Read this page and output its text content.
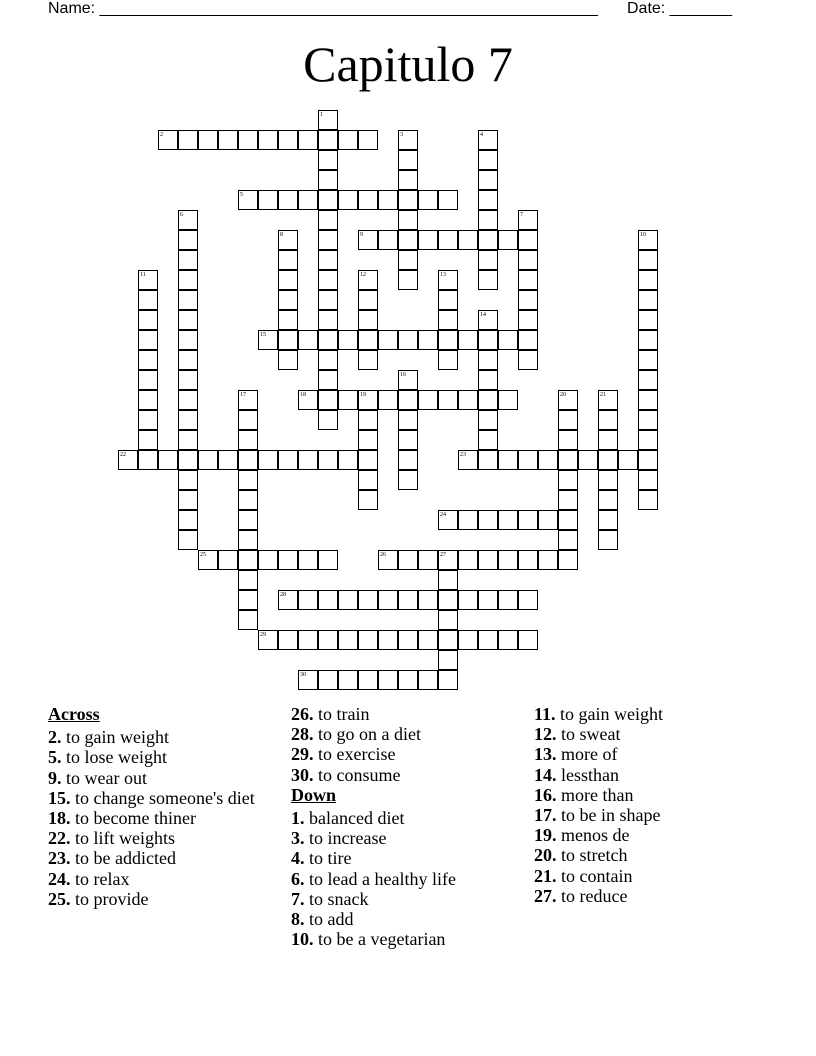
Name: ________________________________________________________ Date: _______
Capitulo 7
2
5
9
15
18	19
22	23
24
25	26	27
28
29
30
1
3	4
6	7
8	10
11	12	13
14
16
17	20	21
Across
2. to gain weight
5. to lose weight
9. to wear out
15. to change someone's diet
18. to become thiner
22. to lift weights
23. to be addicted
24. to relax
25. to provide
26. to train
28. to go on a diet
29. to exercise
30. to consume
Down
1. balanced diet
3. to increase
4. to tire
6. to lead a healthy life
7. to snack
8. to add
10. to be a vegetarian
11. to gain weight
12. to sweat
13. more of
14. lessthan
16. more than
17. to be in shape
19. menos de
20. to stretch
21. to contain
27. to reduce
